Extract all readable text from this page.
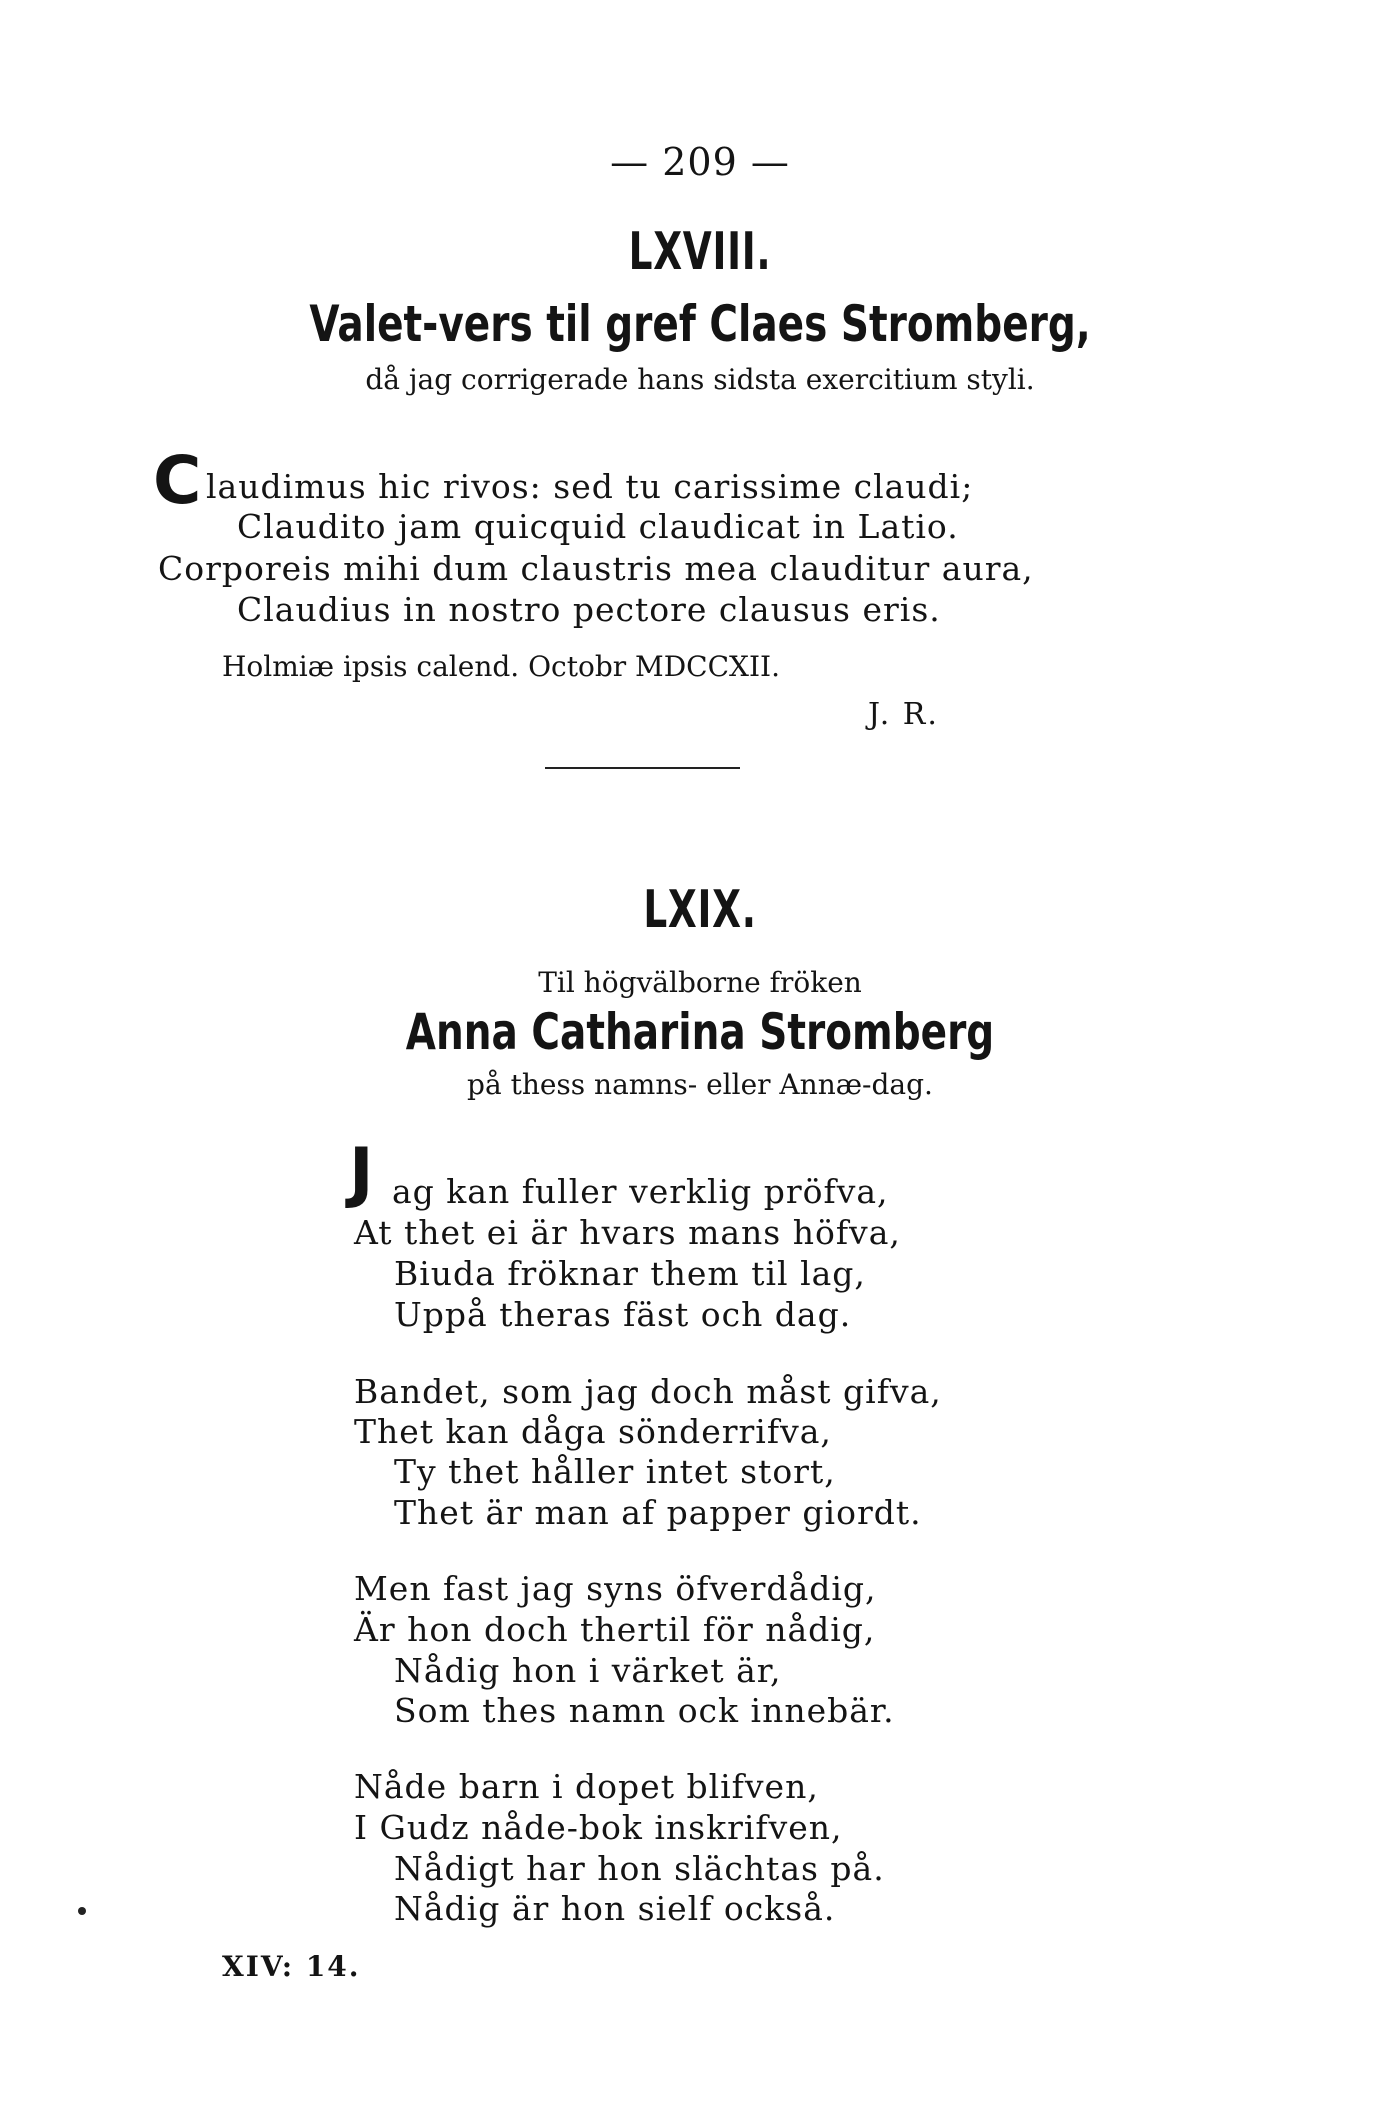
— 209 —
LXVIII.
Valet-vers til gref Claes Stromberg,
då jag corrigerade hans sidsta exercitium styli.
C laudimus hic rivos: sed tu carissime claudi;
Claudito jam quicquid claudicat in Latio.
Corporeis mihi dum claustris mea clauditur aura,
Claudius in nostro pectore clausus eris.
Holmiæ ipsis calend. Octobr MDCCXII.
J. R.
LXIX.
Til högvälborne fröken
Anna Catharina Stromberg
på thess namns- eller Annæ-dag.
J ag kan fuller verklig pröfva,
At thet ei är hvars mans höfva,
Biuda fröknar them til lag,
Uppå theras fäst och dag.
Bandet, som jag doch måst gifva,
Thet kan dåga sönderrifva,
Ty thet håller intet stort,
Thet är man af papper giordt.
Men fast jag syns öfverdådig,
Är hon doch thertil för nådig,
Nådig hon i värket är,
Som thes namn ock innebär.
Nåde barn i dopet blifven,
I Gudz nåde-bok inskrifven,
Nådigt har hon slächtas på.
Nådig är hon sielf också.
XIV: 14.
